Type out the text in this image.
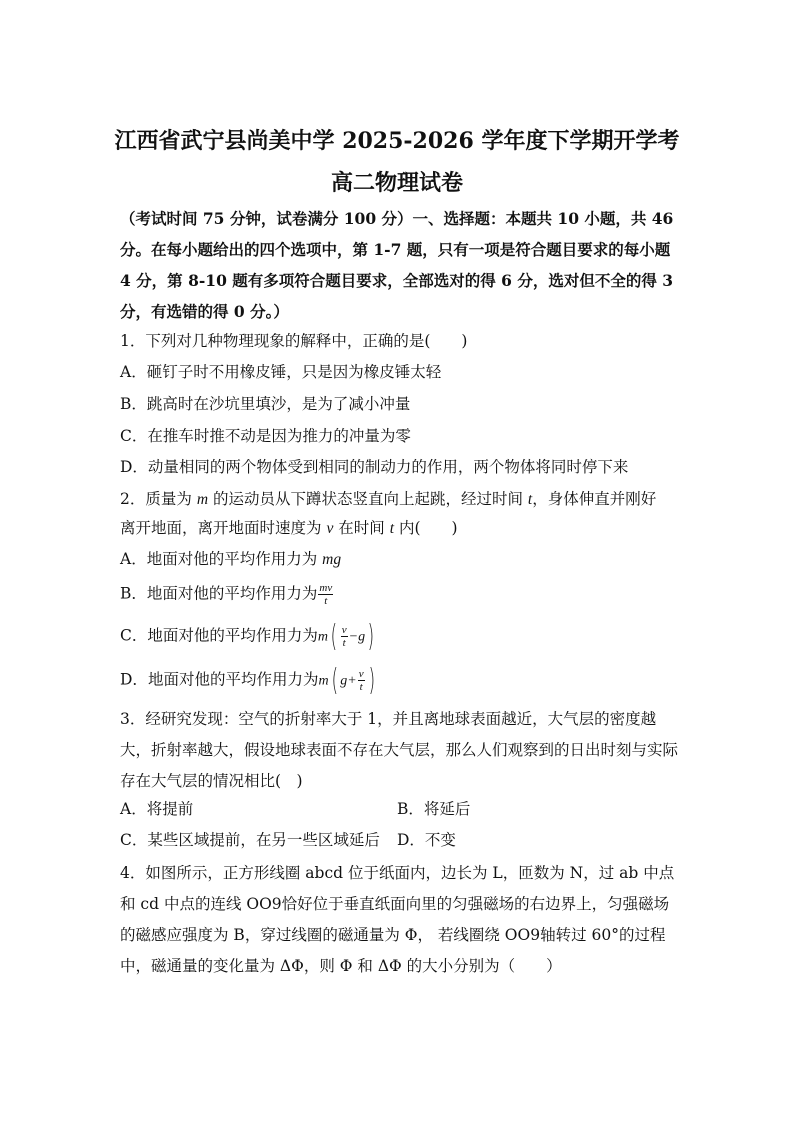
江西省武宁县尚美中学 2025-2026 学年度下学期开学考
高二物理试卷
（考试时间 75 分钟，试卷满分 100 分）一、选择题：本题共 10 小题，共 46 分。在每小题给出的四个选项中，第 1-7 题，只有一项是符合题目要求的每小题 4 分，第 8-10 题有多项符合题目要求，全部选对的得 6 分，选对但不全的得 3 分，有选错的得 0 分。）
1．下列对几种物理现象的解释中，正确的是(　　)
A．砸钉子时不用橡皮锤，只是因为橡皮锤太轻
B．跳高时在沙坑里填沙，是为了减小冲量
C．在推车时推不动是因为推力的冲量为零
D．动量相同的两个物体受到相同的制动力的作用，两个物体将同时停下来
2．质量为 m 的运动员从下蹲状态竖直向上起跳，经过时间 t，身体伸直并刚好
离开地面，离开地面时速度为 v 在时间 t 内(　　)
A．地面对他的平均作用力为 mg
B．地面对他的平均作用力为 $\frac{mv}{t}$
C．地面对他的平均作用力为$m( \frac{v}{t} -g)$
D．地面对他的平均作用力为m( $g+ \frac{v}{t}$ )
3．经研究发现：空气的折射率大于 1，并且离地球表面越近，大气层的密度越大，折射率越大，假设地球表面不存在大气层，那么人们观察到的日出时刻与实际存在大气层的情况相比(　)
A．将提前	B．将延后
C．某些区域提前，在另一些区域延后 D．不变
4．如图所示，正方形线圈 abcd 位于纸面内，边长为 L，匝数为 N，过 ab 中点和 cd 中点的连线 OO9恰好位于垂直纸面向里的匀强磁场的右边界上，匀强磁场的磁感应强度为 B，穿过线圈的磁通量为 Φ， 若线圈绕 OO9轴转过 60°的过程中，磁通量的变化量为 ΔΦ，则 Φ 和 ΔΦ 的大小分别为（　　）
